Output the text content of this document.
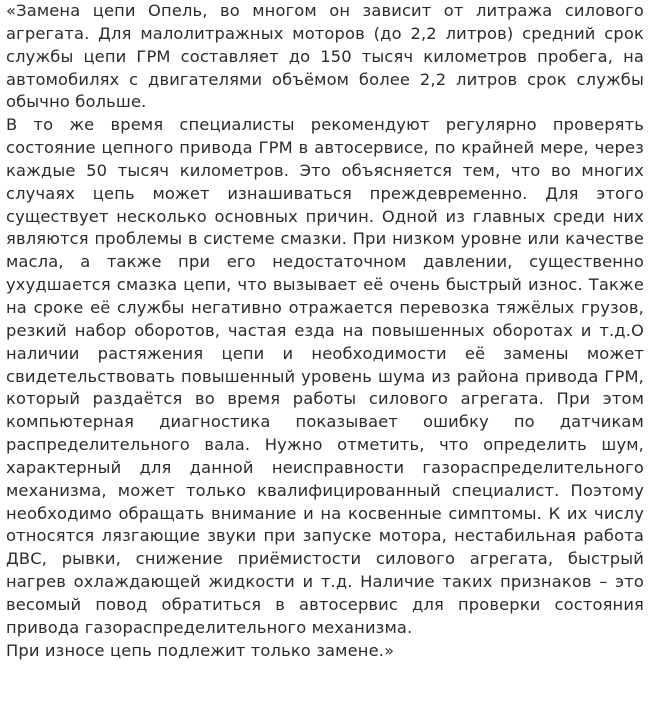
«Замена цепи Опель, во многом он зависит от литража силового агрегата. Для малолитражных моторов (до 2,2 литров) средний срок службы цепи ГРМ составляет до 150 тысяч километров пробега, на автомобилях с двигателями объёмом более 2,2 литров срок службы обычно больше.

В то же время специалисты рекомендуют регулярно проверять состояние цепного привода ГРМ в автосервисе, по крайней мере, через каждые 50 тысяч километров. Это объясняется тем, что во многих случаях цепь может изнашиваться преждевременно. Для этого существует несколько основных причин. Одной из главных среди них являются проблемы в системе смазки. При низком уровне или качестве масла, а также при его недостаточном давлении, существенно ухудшается смазка цепи, что вызывает её очень быстрый износ. Также на сроке её службы негативно отражается перевозка тяжёлых грузов, резкий набор оборотов, частая езда на повышенных оборотах и т.д.О наличии растяжения цепи и необходимости её замены может свидетельствовать повышенный уровень шума из района привода ГРМ, который раздаётся во время работы силового агрегата. При этом компьютерная диагностика показывает ошибку по датчикам распределительного вала. Нужно отметить, что определить шум, характерный для данной неисправности газораспределительного механизма, может только квалифицированный специалист. Поэтому необходимо обращать внимание и на косвенные симптомы. К их числу относятся лязгающие звуки при запуске мотора, нестабильная работа ДВС, рывки, снижение приёмистости силового агрегата, быстрый нагрев охлаждающей жидкости и т.д. Наличие таких признаков – это весомый повод обратиться в автосервис для проверки состояния привода газораспределительного механизма.

При износе цепь подлежит только замене.»
